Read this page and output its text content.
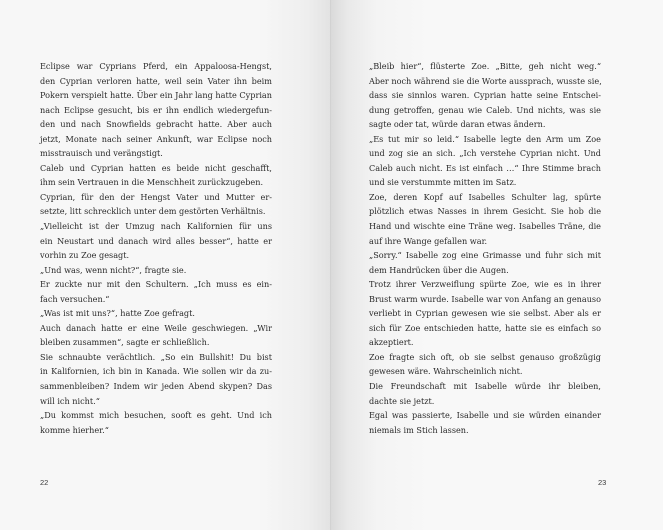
Eclipse war Cyprians Pferd, ein Appaloosa-Hengst,
den Cyprian verloren hatte, weil sein Vater ihn beim
Pokern verspielt hatte. Über ein Jahr lang hatte Cyprian
nach Eclipse gesucht, bis er ihn endlich wiedergefun-
den und nach Snowfields gebracht hatte. Aber auch
jetzt, Monate nach seiner Ankunft, war Eclipse noch
misstrauisch und verängstigt.

Caleb und Cyprian hatten es beide nicht geschafft,
ihm sein Vertrauen in die Menschheit zurückzugeben.

Cyprian, für den der Hengst Vater und Mutter er-
setzte, litt schrecklich unter dem gestörten Verhältnis.

„Vielleicht ist der Umzug nach Kalifornien für uns
ein Neustart und danach wird alles besser“, hatte er
vorhin zu Zoe gesagt.

„Und was, wenn nicht?“, fragte sie.

Er zuckte nur mit den Schultern. „Ich muss es ein-
fach versuchen.“

„Was ist mit uns?“, hatte Zoe gefragt.

Auch danach hatte er eine Weile geschwiegen. „Wir
bleiben zusammen“, sagte er schließlich.

Sie schnaubte verächtlich. „So ein Bullshit! Du bist
in Kalifornien, ich bin in Kanada. Wie sollen wir da zu-
sammenbleiben? Indem wir jeden Abend skypen? Das
will ich nicht.“

„Du kommst mich besuchen, sooft es geht. Und ich
komme hierher.“

22

„Bleib hier“, flüsterte Zoe. „Bitte, geh nicht weg.“
Aber noch während sie die Worte aussprach, wusste sie,
dass sie sinnlos waren. Cyprian hatte seine Entschei-
dung getroffen, genau wie Caleb. Und nichts, was sie
sagte oder tat, würde daran etwas ändern.

„Es tut mir so leid.“ Isabelle legte den Arm um Zoe
und zog sie an sich. „Ich verstehe Cyprian nicht. Und
Caleb auch nicht. Es ist einfach …“ Ihre Stimme brach
und sie verstummte mitten im Satz.

Zoe, deren Kopf auf Isabelles Schulter lag, spürte
plötzlich etwas Nasses in ihrem Gesicht. Sie hob die
Hand und wischte eine Träne weg. Isabelles Träne, die
auf ihre Wange gefallen war.

„Sorry.“ Isabelle zog eine Grimasse und fuhr sich mit
dem Handrücken über die Augen.

Trotz ihrer Verzweiflung spürte Zoe, wie es in ihrer
Brust warm wurde. Isabelle war von Anfang an genauso
verliebt in Cyprian gewesen wie sie selbst. Aber als er
sich für Zoe entschieden hatte, hatte sie es einfach so
akzeptiert.

Zoe fragte sich oft, ob sie selbst genauso großzügig
gewesen wäre. Wahrscheinlich nicht.

Die Freundschaft mit Isabelle würde ihr bleiben,
dachte sie jetzt.

Egal was passierte, Isabelle und sie würden einander
niemals im Stich lassen.

23
